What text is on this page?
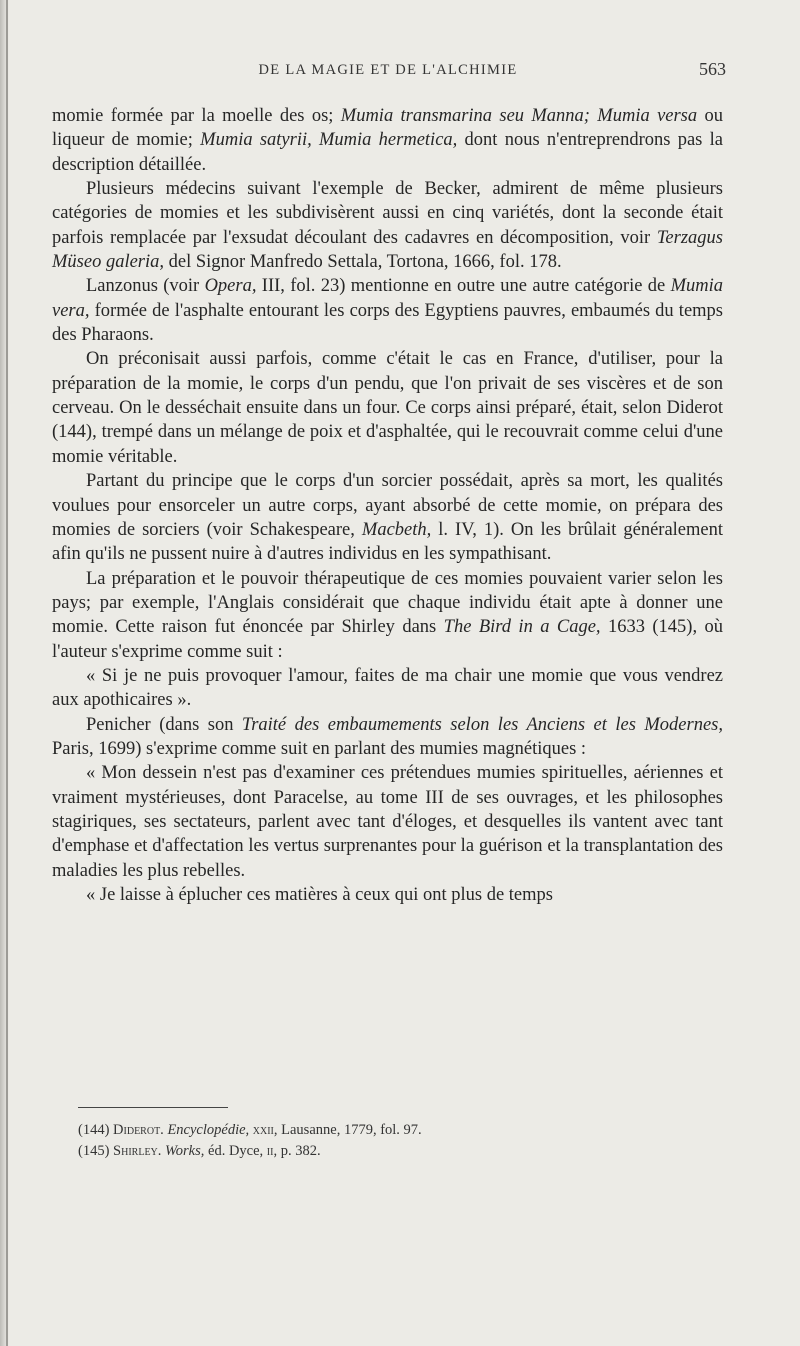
DE LA MAGIE ET DE L'ALCHIMIE	563

momie formée par la moelle des os; Mumia transmarina seu Manna; Mumia versa ou liqueur de momie; Mumia satyrii, Mumia hermetica, dont nous n'entreprendrons pas la description détaillée.

Plusieurs médecins suivant l'exemple de Becker, admirent de même plusieurs catégories de momies et les subdivisèrent aussi en cinq variétés, dont la seconde était parfois remplacée par l'exsudat découlant des cadavres en décomposition, voir Terzagus Müseo galeria, del Signor Manfredo Settala, Tortona, 1666, fol. 178.

Lanzonus (voir Opera, III, fol. 23) mentionne en outre une autre catégorie de Mumia vera, formée de l'asphalte entourant les corps des Egyptiens pauvres, embaumés du temps des Pharaons.

On préconisait aussi parfois, comme c'était le cas en France, d'utiliser, pour la préparation de la momie, le corps d'un pendu, que l'on privait de ses viscères et de son cerveau. On le desséchait ensuite dans un four. Ce corps ainsi préparé, était, selon Diderot (144), trempé dans un mélange de poix et d'asphaltée, qui le recouvrait comme celui d'une momie véritable.

Partant du principe que le corps d'un sorcier possédait, après sa mort, les qualités voulues pour ensorceler un autre corps, ayant absorbé de cette momie, on prépara des momies de sorciers (voir Schakespeare, Macbeth, l. IV, 1). On les brûlait généralement afin qu'ils ne pussent nuire à d'autres individus en les sympathisant.

La préparation et le pouvoir thérapeutique de ces momies pouvaient varier selon les pays; par exemple, l'Anglais considérait que chaque individu était apte à donner une momie. Cette raison fut énoncée par Shirley dans The Bird in a Cage, 1633 (145), où l'auteur s'exprime comme suit :

« Si je ne puis provoquer l'amour, faites de ma chair une momie que vous vendrez aux apothicaires ».

Penicher (dans son Traité des embaumements selon les Anciens et les Modernes, Paris, 1699) s'exprime comme suit en parlant des mumies magnétiques :

« Mon dessein n'est pas d'examiner ces prétendues mumies spirituelles, aériennes et vraiment mystérieuses, dont Paracelse, au tome III de ses ouvrages, et les philosophes stagiriques, ses sectateurs, parlent avec tant d'éloges, et desquelles ils vantent avec tant d'emphase et d'affectation les vertus surprenantes pour la guérison et la transplantation des maladies les plus rebelles.

« Je laisse à éplucher ces matières à ceux qui ont plus de temps

(144) Diderot. Encyclopédie, xxii, Lausanne, 1779, fol. 97.
(145) Shirley. Works, éd. Dyce, ii, p. 382.
